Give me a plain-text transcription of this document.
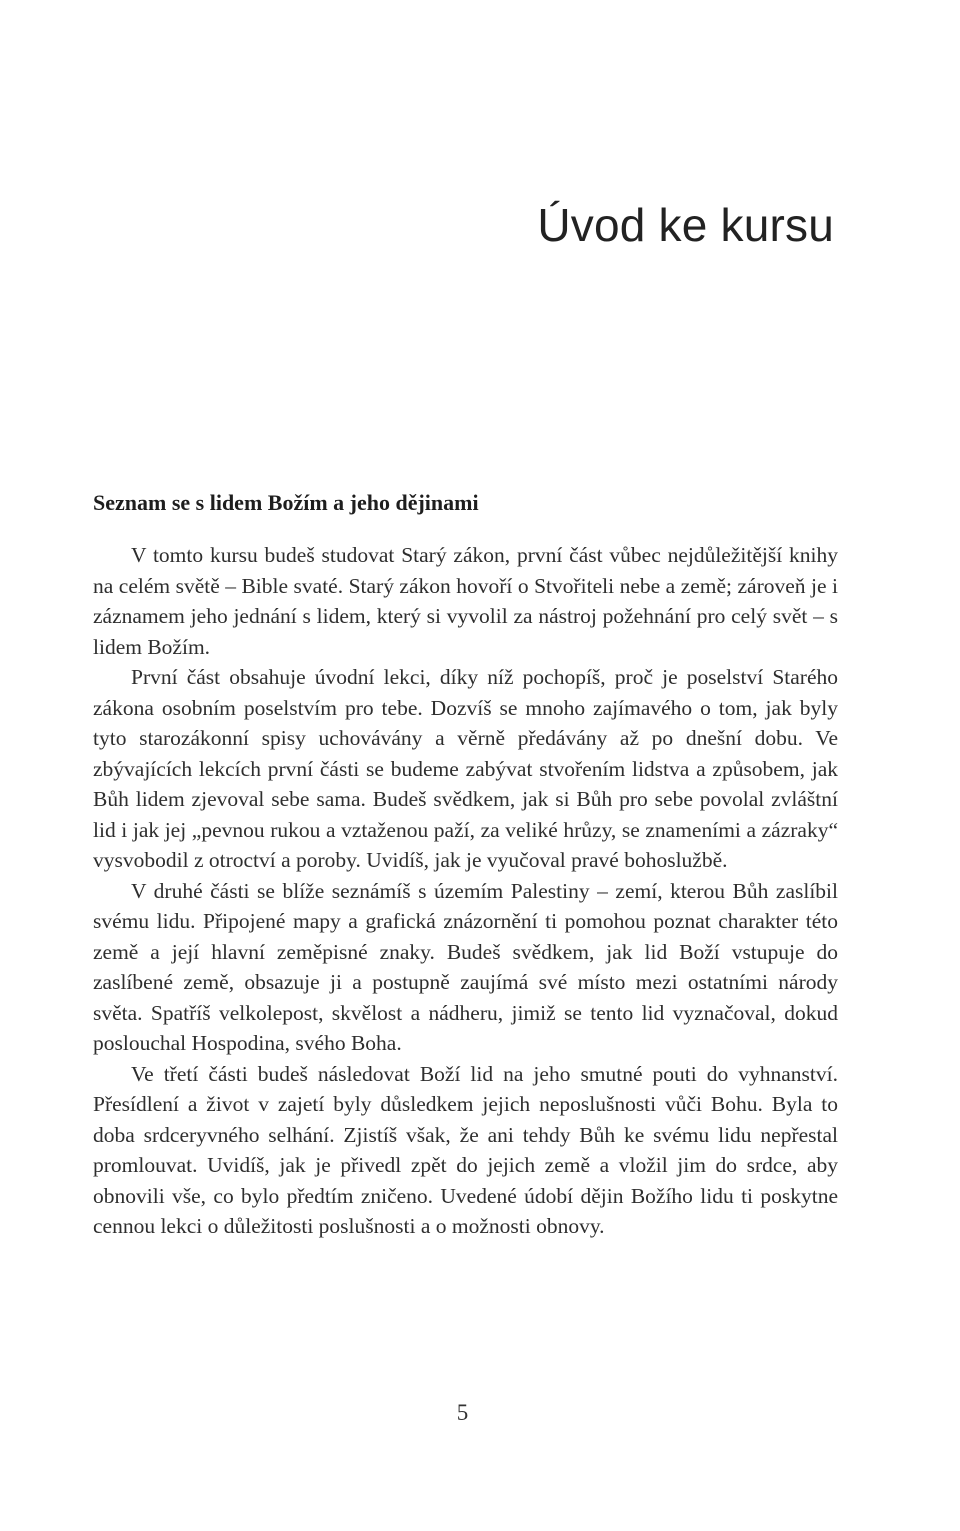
Úvod ke kursu
Seznam se s lidem Božím a jeho dějinami

V tomto kursu budeš studovat Starý zákon, první část vůbec nejdůležitější knihy na celém světě – Bible svaté. Starý zákon hovoří o Stvořiteli nebe a země; zároveň je i záznamem jeho jednání s lidem, který si vyvolil za nástroj požehnání pro celý svět – s lidem Božím.

První část obsahuje úvodní lekci, díky níž pochopíš, proč je poselství Starého zákona osobním poselstvím pro tebe. Dozvíš se mnoho zajímavého o tom, jak byly tyto starozákonní spisy uchovávány a věrně předávány až po dnešní dobu. Ve zbývajících lekcích první části se budeme zabývat stvořením lidstva a způsobem, jak Bůh lidem zjevoval sebe sama. Budeš svědkem, jak si Bůh pro sebe povolal zvláštní lid i jak jej „pevnou rukou a vztaženou paží, za veliké hrůzy, se znameními a zázraky“ vysvobodil z otroctví a poroby. Uvidíš, jak je vyučoval pravé bohoslužbě.

V druhé části se blíže seznámíš s územím Palestiny – zemí, kterou Bůh zaslíbil svému lidu. Připojené mapy a grafická znázornění ti pomohou poznat charakter této země a její hlavní zeměpisné znaky. Budeš svědkem, jak lid Boží vstupuje do zaslíbené země, obsazuje ji a postupně zaujímá své místo mezi ostatními národy světa. Spatříš velkolepost, skvělost a nádheru, jimiž se tento lid vyznačoval, dokud poslouchal Hospodina, svého Boha.

Ve třetí části budeš následovat Boží lid na jeho smutné pouti do vyhnanství. Přesídlení a život v zajetí byly důsledkem jejich neposlušnosti vůči Bohu. Byla to doba srdceryvného selhání. Zjistíš však, že ani tehdy Bůh ke svému lidu nepřestal promlouvat. Uvidíš, jak je přivedl zpět do jejich země a vložil jim do srdce, aby obnovili vše, co bylo předtím zničeno. Uvedené údobí dějin Božího lidu ti poskytne cennou lekci o důležitosti poslušnosti a o možnosti obnovy.

5
